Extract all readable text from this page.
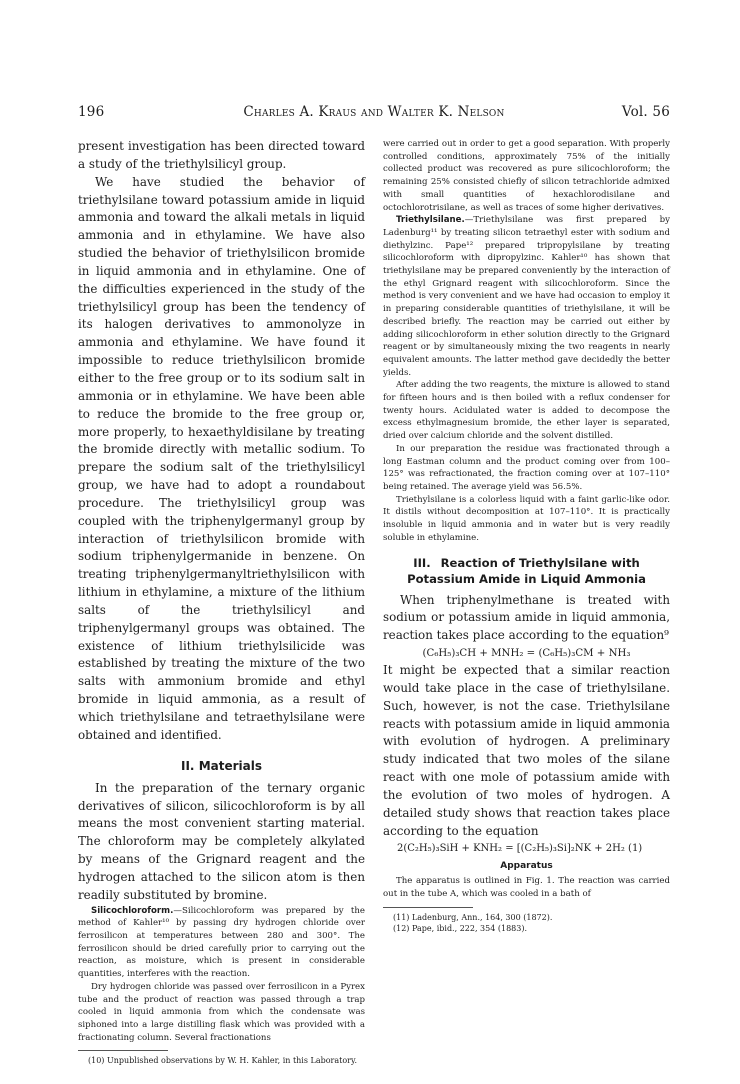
196	Charles A. Kraus and Walter K. Nelson	Vol. 56

present investigation has been directed toward a study of the triethylsilicyl group.

We have studied the behavior of triethylsilane toward potassium amide in liquid ammonia and toward the alkali metals in liquid ammonia and in ethylamine. We have also studied the behavior of triethylsilicon bromide in liquid ammonia and in ethylamine. One of the difficulties experienced in the study of the triethylsilicyl group has been the tendency of its halogen derivatives to ammonolyze in ammonia and ethylamine. We have found it impossible to reduce triethylsilicon bromide either to the free group or to its sodium salt in ammonia or in ethylamine. We have been able to reduce the bromide to the free group or, more properly, to hexaethyldisilane by treating the bromide directly with metallic sodium. To prepare the sodium salt of the triethylsilicyl group, we have had to adopt a roundabout procedure. The triethylsilicyl group was coupled with the triphenylgermanyl group by interaction of triethylsilicon bromide with sodium triphenylgermanide in benzene. On treating triphenylgermanyltriethylsilicon with lithium in ethylamine, a mixture of the lithium salts of the triethylsilicyl and triphenylgermanyl groups was obtained. The existence of lithium triethylsilicide was established by treating the mixture of the two salts with ammonium bromide and ethyl bromide in liquid ammonia, as a result of which triethylsilane and tetraethylsilane were obtained and identified.

II. Materials

In the preparation of the ternary organic derivatives of silicon, silicochloroform is by all means the most convenient starting material. The chloroform may be completely alkylated by means of the Grignard reagent and the hydrogen attached to the silicon atom is then readily substituted by bromine.

Silicochloroform.—Silicochloroform was prepared by the method of Kahler¹⁰ by passing dry hydrogen chloride over ferrosilicon at temperatures between 280 and 300°. The ferrosilicon should be dried carefully prior to carrying out the reaction, as moisture, which is present in considerable quantities, interferes with the reaction.

Dry hydrogen chloride was passed over ferrosilicon in a Pyrex tube and the product of reaction was passed through a trap cooled in liquid ammonia from which the condensate was siphoned into a large distilling flask which was provided with a fractionating column. Several fractionations

(10) Unpublished observations by W. H. Kahler, in this Laboratory.

were carried out in order to get a good separation. With properly controlled conditions, approximately 75% of the initially collected product was recovered as pure silicochloroform; the remaining 25% consisted chiefly of silicon tetrachloride admixed with small quantities of hexachlorodisilane and octochlorotrisilane, as well as traces of some higher derivatives.

Triethylsilane.—Triethylsilane was first prepared by Ladenburg¹¹ by treating silicon tetraethyl ester with sodium and diethylzinc. Pape¹² prepared tripropylsilane by treating silicochloroform with dipropylzinc. Kahler¹⁰ has shown that triethylsilane may be prepared conveniently by the interaction of the ethyl Grignard reagent with silicochloroform. Since the method is very convenient and we have had occasion to employ it in preparing considerable quantities of triethylsilane, it will be described briefly. The reaction may be carried out either by adding silicochloroform in ether solution directly to the Grignard reagent or by simultaneously mixing the two reagents in nearly equivalent amounts. The latter method gave decidedly the better yields.

After adding the two reagents, the mixture is allowed to stand for fifteen hours and is then boiled with a reflux condenser for twenty hours. Acidulated water is added to decompose the excess ethylmagnesium bromide, the ether layer is separated, dried over calcium chloride and the solvent distilled.

In our preparation the residue was fractionated through a long Eastman column and the product coming over from 100–125° was refractionated, the fraction coming over at 107–110° being retained. The average yield was 56.5%.

Triethylsilane is a colorless liquid with a faint garlic-like odor. It distils without decomposition at 107–110°. It is practically insoluble in liquid ammonia and in water but is very readily soluble in ethylamine.

III. Reaction of Triethylsilane with Potassium Amide in Liquid Ammonia

When triphenylmethane is treated with sodium or potassium amide in liquid ammonia, reaction takes place according to the equation⁹

(C₆H₅)₃CH + MNH₂ = (C₆H₅)₃CM + NH₃

It might be expected that a similar reaction would take place in the case of triethylsilane. Such, however, is not the case. Triethylsilane reacts with potassium amide in liquid ammonia with evolution of hydrogen. A preliminary study indicated that two moles of the silane react with one mole of potassium amide with the evolution of two moles of hydrogen. A detailed study shows that reaction takes place according to the equation

2(C₂H₅)₃SiH + KNH₂ = [(C₂H₅)₃Si]₂NK + 2H₂ (1)
Apparatus

The apparatus is outlined in Fig. 1. The reaction was carried out in the tube A, which was cooled in a bath of

(11) Ladenburg, Ann., 164, 300 (1872).

(12) Pape, ibid., 222, 354 (1883).
